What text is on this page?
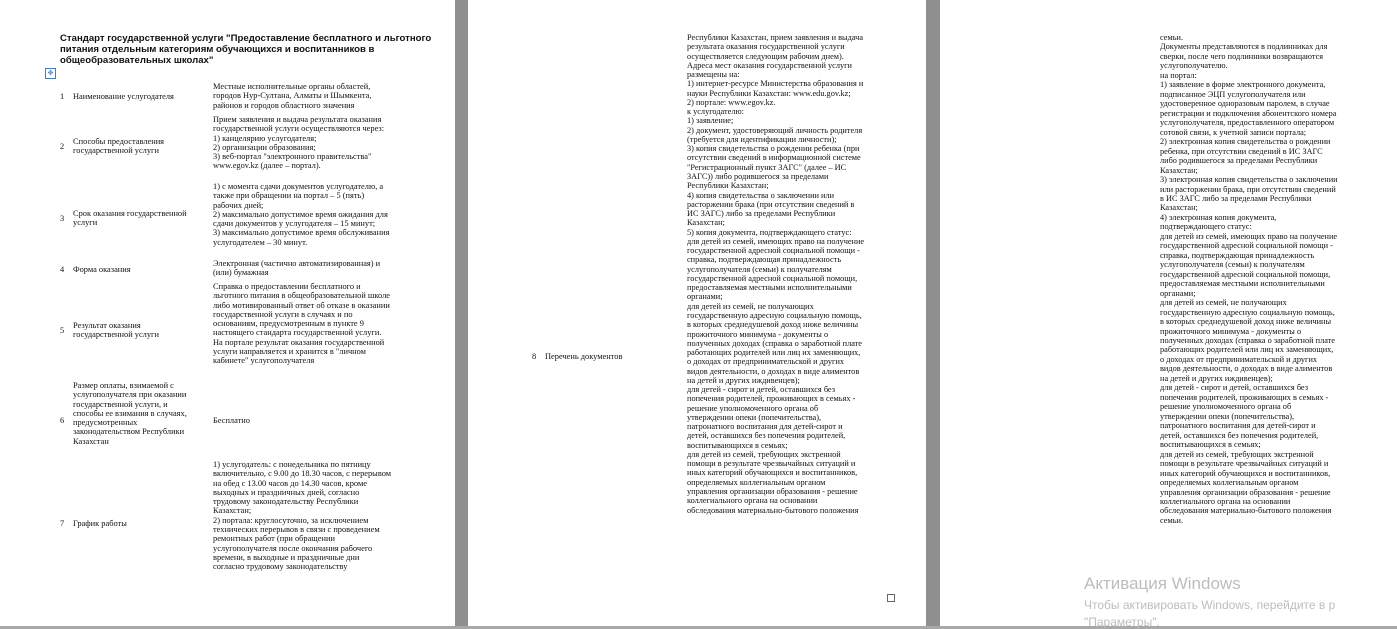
Стандарт государственной услуги "Предоставление бесплатного и льготного питания отдельным категориям обучающихся и воспитанников в общеобразовательных школах"
✥
1 Наименование услугодателя
Местные исполнительные органы областей,
городов Нур-Султана, Алматы и Шымкента,
районов и городов областного значения
2
Способы предоставления
государственной услуги
Прием заявления и выдача результата оказания
государственной услуги осуществляются через:
1) канцелярию услугодателя;
2) организации образования;
3) веб-портал "электронного правительства"
www.egov.kz (далее – портал).
3
Срок оказания государственной
услуги
1) с момента сдачи документов услугодателю, а
также при обращении на портал – 5 (пять)
рабочих дней;
2) максимально допустимое время ожидания для
сдачи документов у услугодателя – 15 минут;
3) максимально допустимое время обслуживания
услугодателем – 30 минут.
4 Форма оказания
Электронная (частично автоматизированная) и
(или) бумажная
5
Результат оказания
государственной услуги
Справка о предоставлении бесплатного и
льготного питания в общеобразовательной школе
либо мотивированный ответ об отказе в оказании
государственной услуги в случаях и по
основаниям, предусмотренным в пункте 9
настоящего стандарта государственной услуги.
На портале результат оказания государственной
услуги направляется и хранится в "личном
кабинете" услугополучателя
6
Размер оплаты, взимаемой с
услугополучателя при оказании
государственной услуги, и
способы ее взимания в случаях,
предусмотренных
законодательством Республики
Казахстан
Бесплатно
7 График работы
1) услугодатель: с понедельника по пятницу
включительно, с 9.00 до 18.30 часов, с перерывом
на обед с 13.00 часов до 14.30 часов, кроме
выходных и праздничных дней, согласно
трудовому законодательству Республики
Казахстан;
2) портала: круглосуточно, за исключением
технических перерывов в связи с проведением
ремонтных работ (при обращении
услугополучателя после окончания рабочего
времени, в выходные и праздничные дни
согласно трудовому законодательству
8 Перечень документов
Республики Казахстан, прием заявления и выдача
результата оказания государственной услуги
осуществляется следующим рабочим днем).
Адреса мест оказания государственной услуги
размещены на:
1) интернет-ресурсе Министерства образования и
науки Республики Казахстан: www.edu.gov.kz;
2) портале: www.egov.kz.
к услугодателю:
1) заявление;
2) документ, удостоверяющий личность родителя
(требуется для идентификации личности);
3) копия свидетельства о рождении ребенка (при
отсутствии сведений в информационной системе
"Регистрационный пункт ЗАГС" (далее – ИС
ЗАГС)) либо родившегося за пределами
Республики Казахстан;
4) копия свидетельства о заключении или
расторжении брака (при отсутствии сведений в
ИС ЗАГС) либо за пределами Республики
Казахстан;
5) копия документа, подтверждающего статус:
для детей из семей, имеющих право на получение
государственной адресной социальной помощи -
справка, подтверждающая принадлежность
услугополучателя (семьи) к получателям
государственной адресной социальной помощи,
предоставляемая местными исполнительными
органами;
для детей из семей, не получающих
государственную адресную социальную помощь,
в которых среднедушевой доход ниже величины
прожиточного минимума - документы о
полученных доходах (справка о заработной плате
работающих родителей или лиц их заменяющих,
о доходах от предпринимательской и других
видов деятельности, о доходах в виде алиментов
на детей и других иждивенцев);
для детей - сирот и детей, оставшихся без
попечения родителей, проживающих в семьях -
решение уполномоченного органа об
утверждении опеки (попечительства),
патронатного воспитания для детей-сирот и
детей, оставшихся без попечения родителей,
воспитывающихся в семьях;
для детей из семей, требующих экстренной
помощи в результате чрезвычайных ситуаций и
иных категорий обучающихся и воспитанников,
определяемых коллегиальным органом
управления организации образования - решение
коллегиального органа на основании
обследования материально-бытового положения
семьи.
Документы представляются в подлинниках для
сверки, после чего подлинники возвращаются
услугополучателю.
на портал:
1) заявление в форме электронного документа,
подписанное ЭЦП услугополучателя или
удостоверенное одноразовым паролем, в случае
регистрации и подключения абонентского номера
услугополучателя, предоставленного оператором
сотовой связи, к учетной записи портала;
2) электронная копия свидетельства о рождении
ребенка, при отсутствии сведений в ИС ЗАГС
либо родившегося за пределами Республики
Казахстан;
3) электронная копия свидетельства о заключении
или расторжении брака, при отсутствии сведений
в ИС ЗАГС либо за пределами Республики
Казахстан;
4) электронная копия документа,
подтверждающего статус:
для детей из семей, имеющих право на получение
государственной адресной социальной помощи -
справка, подтверждающая принадлежность
услугополучателя (семьи) к получателям
государственной адресной социальной помощи,
предоставляемая местными исполнительными
органами;
для детей из семей, не получающих
государственную адресную социальную помощь,
в которых среднедушевой доход ниже величины
прожиточного минимума - документы о
полученных доходах (справка о заработной плате
работающих родителей или лиц их заменяющих,
о доходах от предпринимательской и других
видов деятельности, о доходах в виде алиментов
на детей и других иждивенцев);
для детей - сирот и детей, оставшихся без
попечения родителей, проживающих в семьях -
решение уполномоченного органа об
утверждении опеки (попечительства),
патронатного воспитания для детей-сирот и
детей, оставшихся без попечения родителей,
воспитывающихся в семьях;
для детей из семей, требующих экстренной
помощи в результате чрезвычайных ситуаций и
иных категорий обучающихся и воспитанников,
определяемых коллегиальным органом
управления организации образования - решение
коллегиального органа на основании
обследования материально-бытового положения
семьи.
Активация Windows
Чтобы активировать Windows, перейдите в р
"Параметры".
